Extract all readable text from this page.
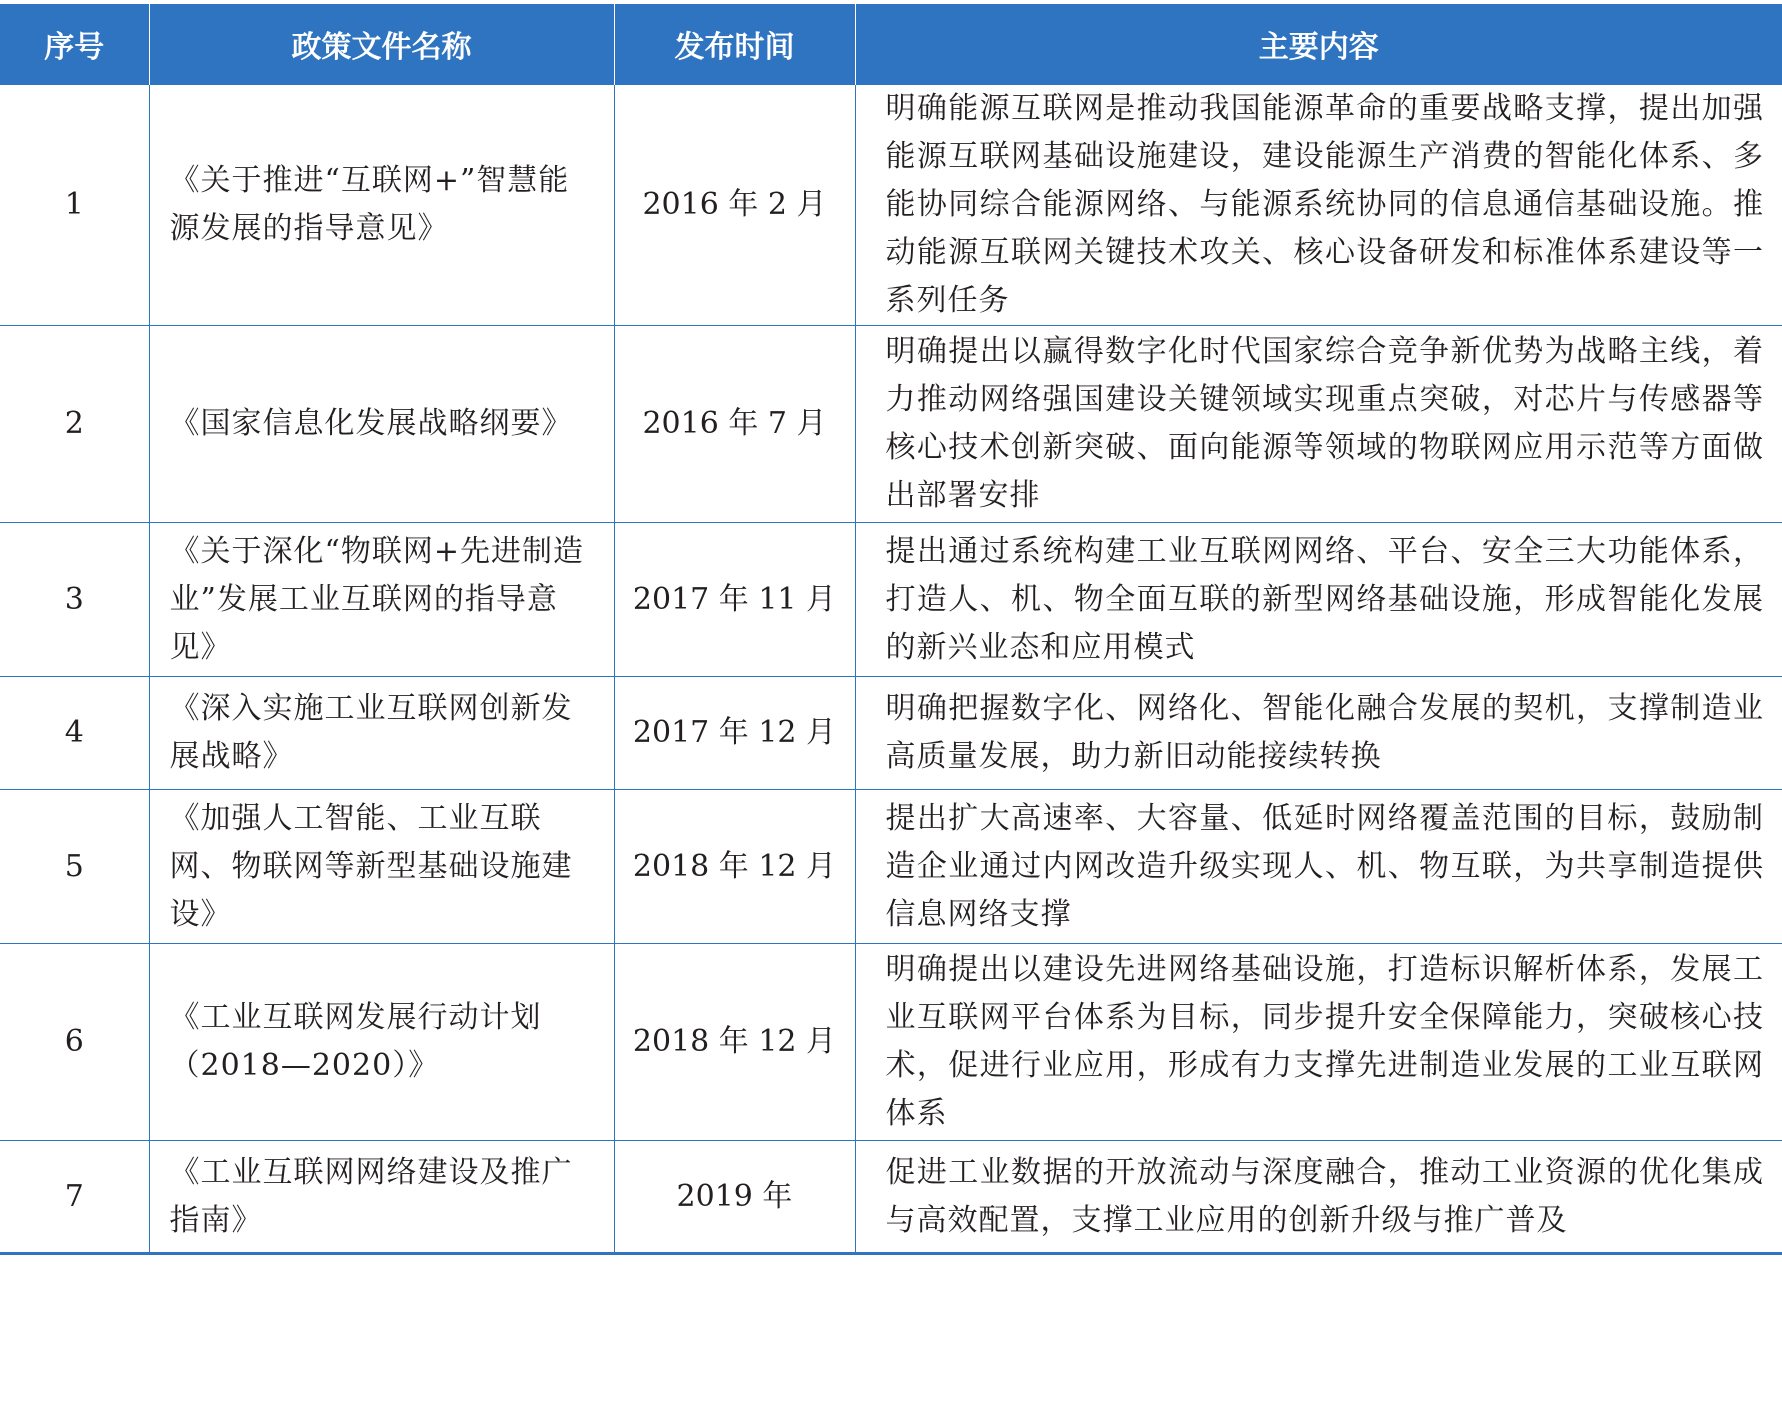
序号	政策文件名称	发布时间	主要内容
1	《关于推进“互联网+”智慧能源发展的指导意见》	2016 年 2 月	明确能源互联网是推动我国能源革命的重要战略支撑，提出加强能源互联网基础设施建设，建设能源生产消费的智能化体系、多能协同综合能源网络、与能源系统协同的信息通信基础设施。推动能源互联网关键技术攻关、核心设备研发和标准体系建设等一系列任务

2	《国家信息化发展战略纲要》	2016 年 7 月	明确提出以赢得数字化时代国家综合竞争新优势为战略主线，着力推动网络强国建设关键领域实现重点突破，对芯片与传感器等核心技术创新突破、面向能源等领域的物联网应用示范等方面做出部署安排

3	《关于深化“物联网+先进制造业”发展工业互联网的指导意见》	2017 年 11 月	提出通过系统构建工业互联网网络、平台、安全三大功能体系，打造人、机、物全面互联的新型网络基础设施，形成智能化发展的新兴业态和应用模式

4	《深入实施工业互联网创新发展战略》	2017 年 12 月	明确把握数字化、网络化、智能化融合发展的契机，支撑制造业高质量发展，助力新旧动能接续转换

5	《加强人工智能、工业互联网、物联网等新型基础设施建设》	2018 年 12 月	提出扩大高速率、大容量、低延时网络覆盖范围的目标，鼓励制造企业通过内网改造升级实现人、机、物互联，为共享制造提供信息网络支撑

6	《工业互联网发展行动计划（2018—2020）》	2018 年 12 月	明确提出以建设先进网络基础设施，打造标识解析体系，发展工业互联网平台体系为目标，同步提升安全保障能力，突破核心技术，促进行业应用，形成有力支撑先进制造业发展的工业互联网体系

7	《工业互联网网络建设及推广指南》	2019 年	促进工业数据的开放流动与深度融合，推动工业资源的优化集成与高效配置，支撑工业应用的创新升级与推广普及
